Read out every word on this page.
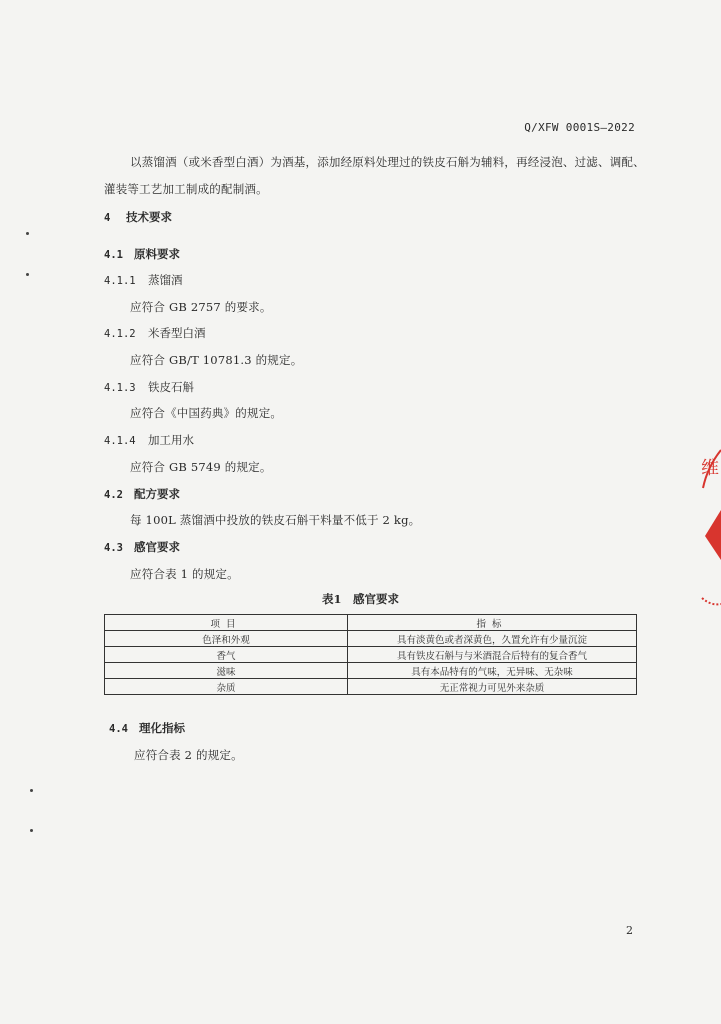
Q/XFW 0001S—2022
以蒸馏酒（或米香型白酒）为酒基，添加经原料处理过的铁皮石斛为辅料，再经浸泡、过滤、调配、
灌装等工艺加工制成的配制酒。
4 技术要求
4.1 原料要求
4.1.1 蒸馏酒
应符合 GB 2757 的要求。
4.1.2 米香型白酒
应符合 GB/T 10781.3 的规定。
4.1.3 铁皮石斛
应符合《中国药典》的规定。
4.1.4 加工用水
应符合 GB 5749 的规定。
4.2 配方要求
每 100L 蒸馏酒中投放的铁皮石斛干料量不低于 2 kg。
4.3 感官要求
应符合表 1 的规定。
表1　感官要求
项目	指标
色泽和外观	具有淡黄色或者深黄色，久置允许有少量沉淀
香气	具有铁皮石斛与与米酒混合后特有的复合香气
滋味	具有本品特有的气味，无异味、无杂味
杂质	无正常视力可见外来杂质
4.4 理化指标
应符合表 2 的规定。
2
维
